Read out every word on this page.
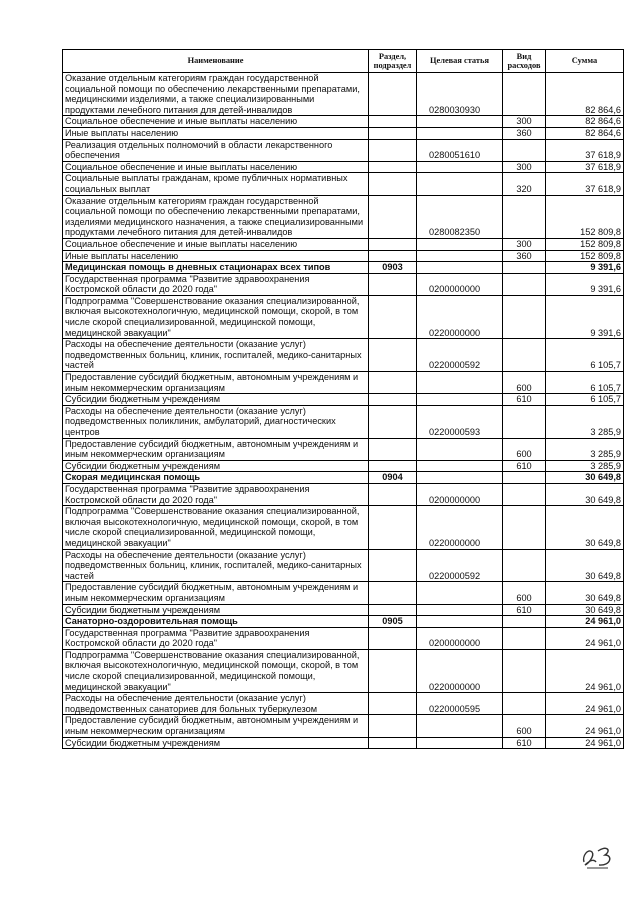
Наименование	Раздел, подраздел	Целевая статья	Вид расходов	Сумма
Оказание отдельным категориям граждан государственной социальной помощи по обеспечению лекарственными препаратами, медицинскими изделиями, а также специализированными продуктами лечебного питания для детей-инвалидов		0280030930		82 864,6
Социальное обеспечение и иные выплаты населению			300	82 864,6
Иные выплаты населению			360	82 864,6
Реализация отдельных полномочий в области лекарственного обеспечения		0280051610		37 618,9
Социальное обеспечение и иные выплаты населению			300	37 618,9
Социальные выплаты гражданам, кроме публичных нормативных социальных выплат			320	37 618,9
Оказание отдельным категориям граждан государственной социальной помощи по обеспечению лекарственными препаратами, изделиями медицинского назначения, а также специализированными продуктами лечебного питания для детей-инвалидов		0280082350		152 809,8
Социальное обеспечение и иные выплаты населению			300	152 809,8
Иные выплаты населению			360	152 809,8
Медицинская помощь в дневных стационарах всех типов	0903			9 391,6
Государственная программа "Развитие здравоохранения Костромской области до 2020 года"		0200000000		9 391,6
Подпрограмма "Совершенствование оказания специализированной, включая высокотехнологичную, медицинской помощи, скорой, в том числе скорой специализированной, медицинской помощи, медицинской эвакуации"		0220000000		9 391,6
Расходы на обеспечение деятельности (оказание услуг) подведомственных больниц, клиник, госпиталей, медико-санитарных частей		0220000592		6 105,7
Предоставление субсидий бюджетным, автономным учреждениям и иным некоммерческим организациям			600	6 105,7
Субсидии бюджетным учреждениям			610	6 105,7
Расходы на обеспечение деятельности (оказание услуг) подведомственных поликлиник, амбулаторий, диагностических центров		0220000593		3 285,9
Предоставление субсидий бюджетным, автономным учреждениям и иным некоммерческим организациям			600	3 285,9
Субсидии бюджетным учреждениям			610	3 285,9
Скорая медицинская помощь	0904			30 649,8
Государственная программа "Развитие здравоохранения Костромской области до 2020 года"		0200000000		30 649,8
Подпрограмма "Совершенствование оказания специализированной, включая высокотехнологичную, медицинской помощи, скорой, в том числе скорой специализированной, медицинской помощи, медицинской эвакуации"		0220000000		30 649,8
Расходы на обеспечение деятельности (оказание услуг) подведомственных больниц, клиник, госпиталей, медико-санитарных частей		0220000592		30 649,8
Предоставление субсидий бюджетным, автономным учреждениям и иным некоммерческим организациям			600	30 649,8
Субсидии бюджетным учреждениям			610	30 649,8
Санаторно-оздоровительная помощь	0905			24 961,0
Государственная программа "Развитие здравоохранения Костромской области до 2020 года"		0200000000		24 961,0
Подпрограмма "Совершенствование оказания специализированной, включая высокотехнологичную, медицинской помощи, скорой, в том числе скорой специализированной, медицинской помощи, медицинской эвакуации"		0220000000		24 961,0
Расходы на обеспечение деятельности (оказание услуг) подведомственных санаториев для больных туберкулезом		0220000595		24 961,0
Предоставление субсидий бюджетным, автономным учреждениям и иным некоммерческим организациям			600	24 961,0
Субсидии бюджетным учреждениям			610	24 961,0
